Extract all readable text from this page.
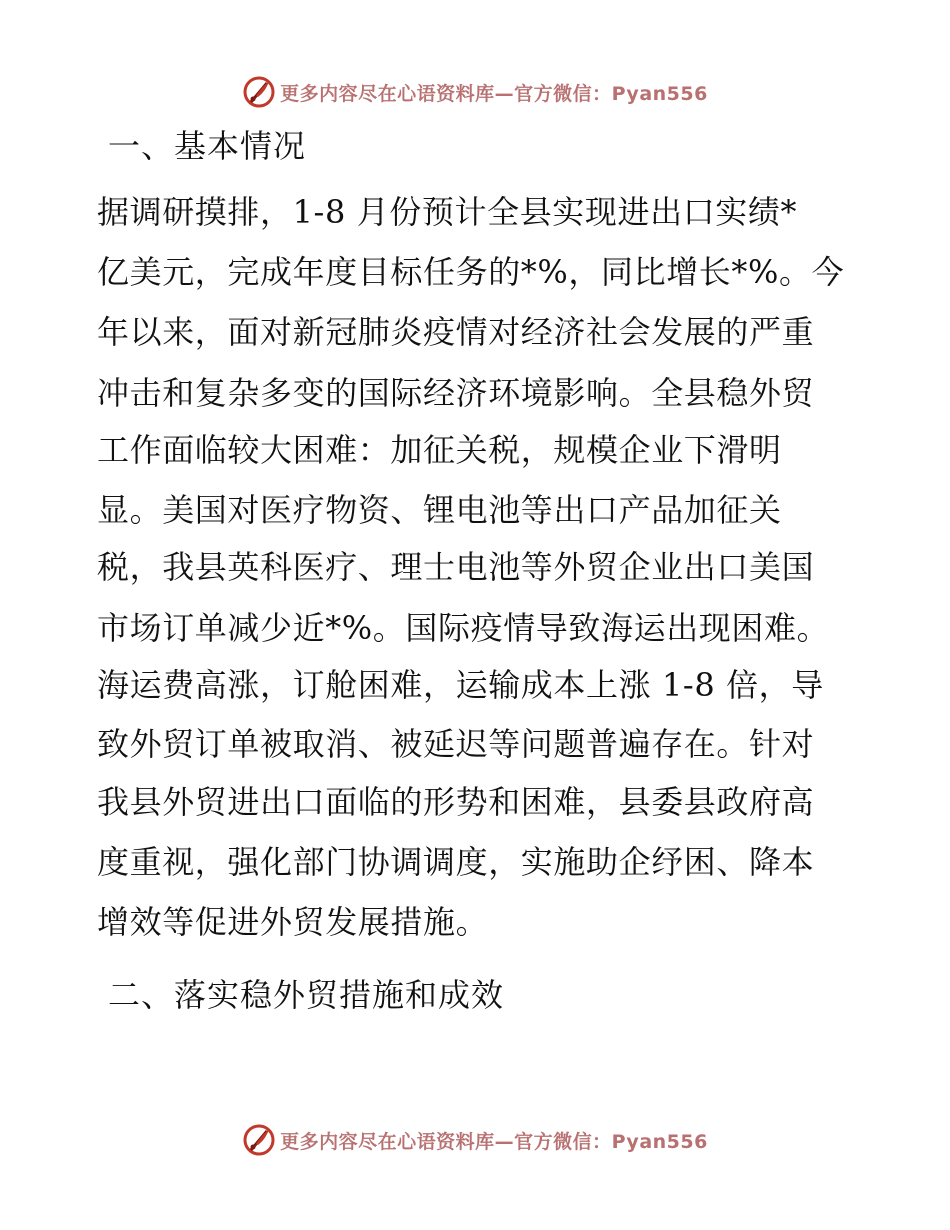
更多内容尽在心语资料库—官方微信：Pyan556
一、基本情况
据调研摸排，1-8 月份预计全县实现进出口实绩*
亿美元，完成年度目标任务的*%，同比增长*%。今
年以来，面对新冠肺炎疫情对经济社会发展的严重
冲击和复杂多变的国际经济环境影响。全县稳外贸
工作面临较大困难：加征关税，规模企业下滑明
显。美国对医疗物资、锂电池等出口产品加征关
税，我县英科医疗、理士电池等外贸企业出口美国
市场订单减少近*%。国际疫情导致海运出现困难。
海运费高涨，订舱困难，运输成本上涨 1-8 倍，导
致外贸订单被取消、被延迟等问题普遍存在。针对
我县外贸进出口面临的形势和困难，县委县政府高
度重视，强化部门协调调度，实施助企纾困、降本
增效等促进外贸发展措施。
二、落实稳外贸措施和成效
更多内容尽在心语资料库—官方微信：Pyan556
